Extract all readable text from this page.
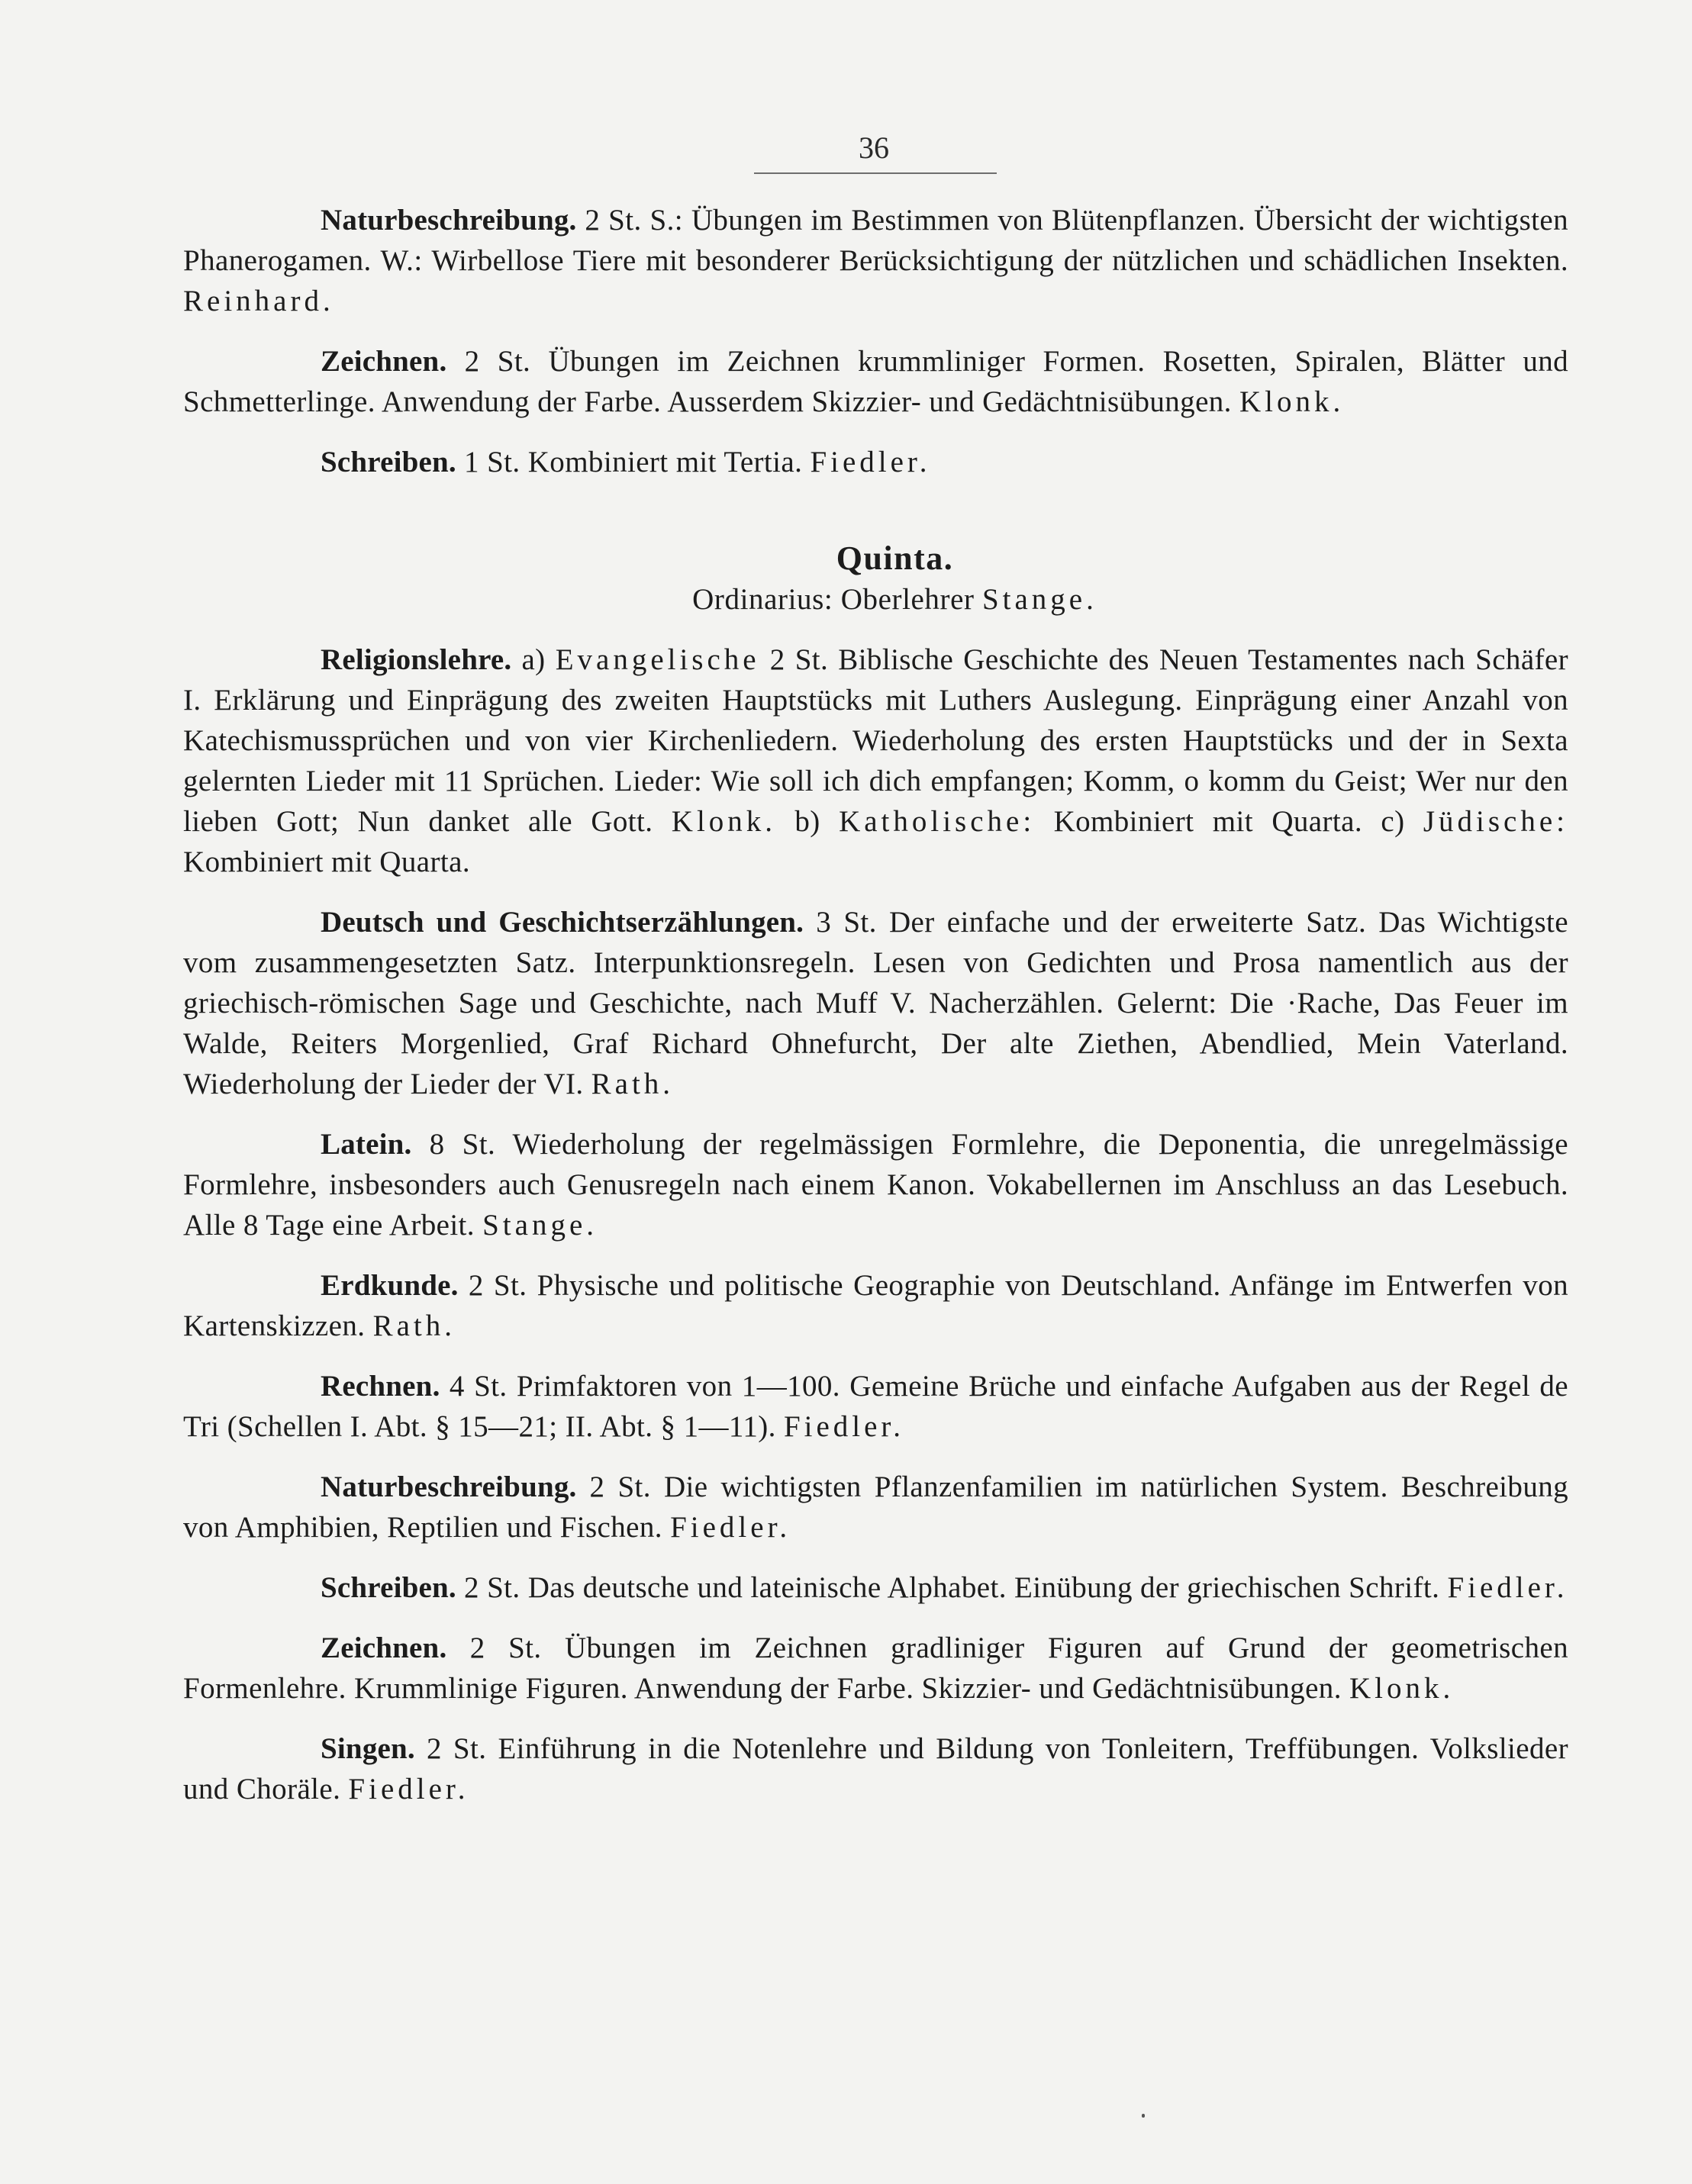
36

Naturbeschreibung. 2 St. S.: Übungen im Bestimmen von Blütenpflanzen. Übersicht der wichtigsten Phanerogamen. W.: Wirbellose Tiere mit besonderer Berücksichtigung der nützlichen und schädlichen Insekten. Reinhard.

Zeichnen. 2 St. Übungen im Zeichnen krummliniger Formen. Rosetten, Spiralen, Blätter und Schmetterlinge. Anwendung der Farbe. Ausserdem Skizzier- und Gedächtnisübungen. Klonk.

Schreiben. 1 St. Kombiniert mit Tertia. Fiedler.

Quinta.
Ordinarius: Oberlehrer Stange.

Religionslehre. a) Evangelische 2 St. Biblische Geschichte des Neuen Testamentes nach Schäfer I. Erklärung und Einprägung des zweiten Hauptstücks mit Luthers Auslegung. Einprägung einer Anzahl von Katechismussprüchen und von vier Kirchenliedern. Wiederholung des ersten Hauptstücks und der in Sexta gelernten Lieder mit 11 Sprüchen. Lieder: Wie soll ich dich empfangen; Komm, o komm du Geist; Wer nur den lieben Gott; Nun danket alle Gott. Klonk. b) Katholische: Kombiniert mit Quarta. c) Jüdische: Kombiniert mit Quarta.

Deutsch und Geschichtserzählungen. 3 St. Der einfache und der erweiterte Satz. Das Wichtigste vom zusammengesetzten Satz. Interpunktionsregeln. Lesen von Gedichten und Prosa namentlich aus der griechisch-römischen Sage und Geschichte, nach Muff V. Nacherzählen. Gelernt: Die ·Rache, Das Feuer im Walde, Reiters Morgenlied, Graf Richard Ohnefurcht, Der alte Ziethen, Abendlied, Mein Vaterland. Wiederholung der Lieder der VI. Rath.

Latein. 8 St. Wiederholung der regelmässigen Formlehre, die Deponentia, die unregelmässige Formlehre, insbesonders auch Genusregeln nach einem Kanon. Vokabellernen im Anschluss an das Lesebuch. Alle 8 Tage eine Arbeit. Stange.

Erdkunde. 2 St. Physische und politische Geographie von Deutschland. Anfänge im Entwerfen von Kartenskizzen. Rath.

Rechnen. 4 St. Primfaktoren von 1—100. Gemeine Brüche und einfache Aufgaben aus der Regel de Tri (Schellen I. Abt. § 15—21; II. Abt. § 1—11). Fiedler.

Naturbeschreibung. 2 St. Die wichtigsten Pflanzenfamilien im natürlichen System. Beschreibung von Amphibien, Reptilien und Fischen. Fiedler.

Schreiben. 2 St. Das deutsche und lateinische Alphabet. Einübung der griechischen Schrift. Fiedler.

Zeichnen. 2 St. Übungen im Zeichnen gradliniger Figuren auf Grund der geometrischen Formenlehre. Krummlinige Figuren. Anwendung der Farbe. Skizzier- und Gedächtnisübungen. Klonk.

Singen. 2 St. Einführung in die Notenlehre und Bildung von Tonleitern, Treffübungen. Volkslieder und Choräle. Fiedler.
